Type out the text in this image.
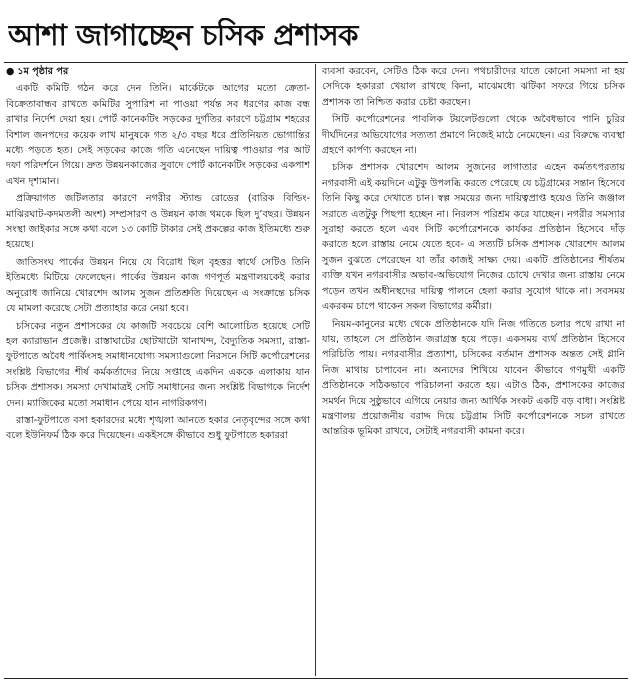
আশা জাগাচ্ছেন চসিক প্রশাসক

● ১ম পৃষ্ঠার পর

একটি কমিটি গঠন করে দেন তিনি। মার্কেটকে আগের মতো ক্রেতা-বিক্রেতাবান্ধব রাখতে কমিটির সুপারিশ না পাওয়া পর্যন্ত সব ধরণের কাজ বন্ধ রাখার নির্দেশ দেয়া হয়। পোর্ট কানেকটিং সড়কের দুর্গতির কারণে চট্টগ্রাম শহরের বিশাল জনপদের কয়েক লাখ মানুষকে গত ২/৩ বছর ধরে প্রতিনিয়ত ভোগান্তির মধ্যে পড়তে হত। সেই সড়কের কাজে গতি এনেছেন দায়িত্ব পাওয়ার পর আট দফা পরিদর্শনে গিয়ে। দ্রুত উন্নয়নকাজের সুবাদে পোর্ট কানেকটিং সড়কের একপাশ এখন দৃশ্যমান।

প্রক্রিয়াগত জটিলতার কারণে নগরীর স্ট্যান্ড রোডের (বারিক বিল্ডিং-মাঝিরঘাট-কদমতলী অংশ) সম্প্রসারণ ও উন্নয়ন কাজ থমকে ছিল দু’বছর। উন্নয়ন সংস্থা জাইকার সঙ্গে কথা বলে ১৩ কোটি টাকার সেই প্রকল্পের কাজ ইতিমধ্যে শুরু হয়েছে।

জাতিসংঘ পার্কের উন্নয়ন নিয়ে যে বিরোধ ছিল বৃহত্তর স্বার্থে সেটিও তিনি ইতিমধ্যে মিটিয়ে ফেলেছেন। পার্কের উন্নয়ন কাজ গণপূর্ত মন্ত্রণালয়কেই করার অনুরোধ জানিয়ে খোরশেদ আলম সুজন প্রতিশ্রুতি দিয়েছেন এ সংক্রান্তে চসিক যে মামলা করেছে সেটা প্রত্যাহার করে নেয়া হবে।

চসিকের নতুন প্রশাসকের যে কাজটি সবচেয়ে বেশি আলোচিত হয়েছে সেটি হল ক্যারাভান প্রজেক্ট। রাস্তাঘাটের ছোটখাটো খানাখন্দ, বৈদ্যুতিক সমস্যা, রাস্তা-ফুটপাতে অবৈধ পার্কিংসহ সমাধানযোগ্য সমস্যাগুলো নিরসনে সিটি কর্পোরেশনের সংশ্লিষ্ট বিভাগের শীর্ষ কর্মকর্তাদের নিয়ে সপ্তাহে একদিন এককে এলাকায় যান চসিক প্রশাসক। সমস্যা দেখামাত্রই সেটি সমাধানের জন্য সংশ্লিষ্ট বিভাগকে নির্দেশ দেন। ম্যাজিকের মতো সমাধান পেয়ে যান নাগরিকগণ।

রাস্তা-ফুটপাতে বসা হকারদের মধ্যে শৃঙ্খলা আনতে হকার নেতৃবৃন্দের সঙ্গে কথা বলে ইউনিফর্ম ঠিক করে দিয়েছেন। একইসঙ্গে কীভাবে শুধু ফুটপাতে হকাররা

ব্যবসা করবেন, সেটিও ঠিক করে দেন। পথচারীদের যাতে কোনো সমস্যা না হয় সেদিকে হকাররা খেয়াল রাখছে কিনা, মাঝেমধ্যে ঝটিকা সফরে গিয়ে চসিক প্রশাসক তা নিশ্চিত করার চেষ্টা করছেন।

সিটি কর্পোরেশনের পাবলিক টয়লেটগুলো থেকে অবৈধভাবে পানি চুরির দীর্ঘদিনের অভিযোগের সত্যতা প্রমাণে নিজেই মাঠে নেমেছেন। এর বিরুদ্ধে ব্যবস্থা গ্রহণে কার্পণ্য করছেন না।

চসিক প্রশাসক খোরশেদ আলম সুজনের লাগাতার এহেন কর্মতৎপরতায় নগরবাসী এই কয়দিনে এটুকু উপলব্ধি করতে পেরেছে যে চট্টগ্রামের সন্তান হিসেবে তিনি কিছু করে দেখাতে চান। স্বল্প সময়ের জন্য দায়িত্বপ্রাপ্ত হয়েও তিনি জঞ্জাল সরাতে এতটুকু পিছপা হচ্ছেন না। নিরলস পরিশ্রম করে যাচ্ছেন। নগরীর সমস্যার সুরাহা করতে হলে এবং সিটি কর্পোরেশনকে কার্যকর প্রতিষ্ঠান হিসেবে দাঁড় করাতে হলে রাস্তায় নেমে যেতে হবে- এ সত্যটি চসিক প্রশাসক খোরশেদ আলম সুজন বুঝতে পেরেছেন যা তাঁর কাজই সাক্ষ্য দেয়। একটি প্রতিষ্ঠানের শীর্ষতম ব্যক্তি যখন নগরবাসীর অভাব-অভিযোগ নিজের চোখে দেখার জন্য রাস্তায় নেমে পড়েন তখন অধীনস্থদের দায়িত্ব পালনে হেলা করার সুযোগ থাকে না। সবসময় একরকম চাপে থাকেন সকল বিভাগের কর্মীরা।

নিয়ম-কানুনের মধ্যে থেকে প্রতিষ্ঠানকে যদি নিজ গতিতে চলার পথে রাখা না যায়, তাহলে সে প্রতিষ্ঠান জরাগ্রস্ত হয়ে পড়ে। একসময় ব্যর্থ প্রতিষ্ঠান হিসেবে পরিচিতি পায়। নগরবাসীর প্রত্যাশা, চসিকের বর্তমান প্রশাসক অন্তত সেই গ্লানি নিজ মাথায় চাপাবেন না। অন্যদের শিখিয়ে যাবেন কীভাবে গণমুখী একটি প্রতিষ্ঠানকে সঠিকভাবে পরিচালনা করতে হয়। এটাও ঠিক, প্রশাসকের কাজের সমর্থন দিয়ে সুষ্ঠুভাবে এগিয়ে নেয়ার জন্য আর্থিক সংকট একটি বড় বাধা। সংশ্লিষ্ট মন্ত্রণালয় প্রয়োজনীয় বরাদ্দ দিয়ে চট্টগ্রাম সিটি কর্পোরেশনকে সচল রাখতে আন্তরিক ভূমিকা রাখবে, সেটাই নগরবাসী কামনা করে।
